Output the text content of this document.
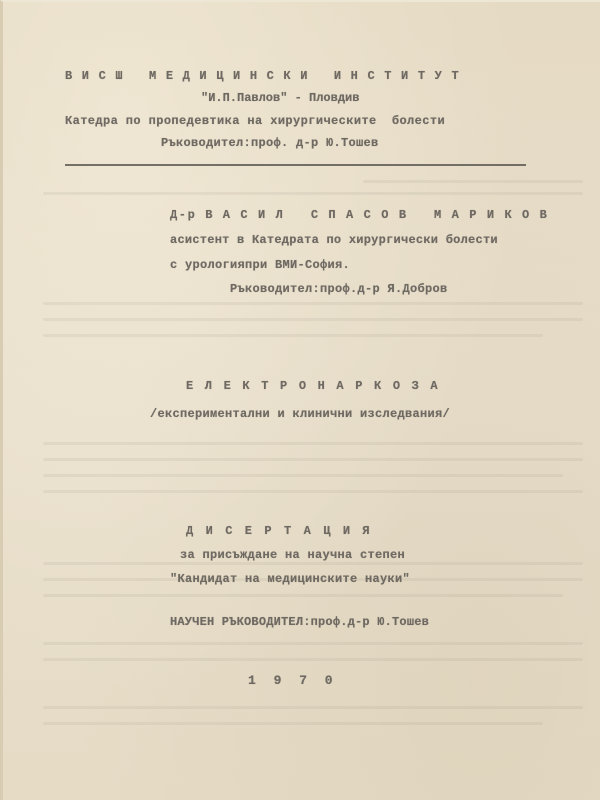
В И С Ш   М Е Д И Ц И Н С К И   И Н С Т И Т У Т
"И.П.Павлов" - Пловдив
Катедра по пропедевтика на хирургическите  болести
Ръководител:проф. д-р Ю.Тошев
Д-р В А С И Л   С П А С О В   М А Р И К О В
асистент в Катедрата по хирургически болести
с урологияпри ВМИ-София.
Ръководител:проф.д-р Я.Добров
Е Л Е К Т Р О Н А Р К О З А
/експериментални и клинични изследвания/
Д И С Е Р Т А Ц И Я
за присъждане на научна степен
"Кандидат на медицинските науки"
НАУЧЕН РЪКОВОДИТЕЛ:проф.д-р Ю.Тошев
1 9 7 0
